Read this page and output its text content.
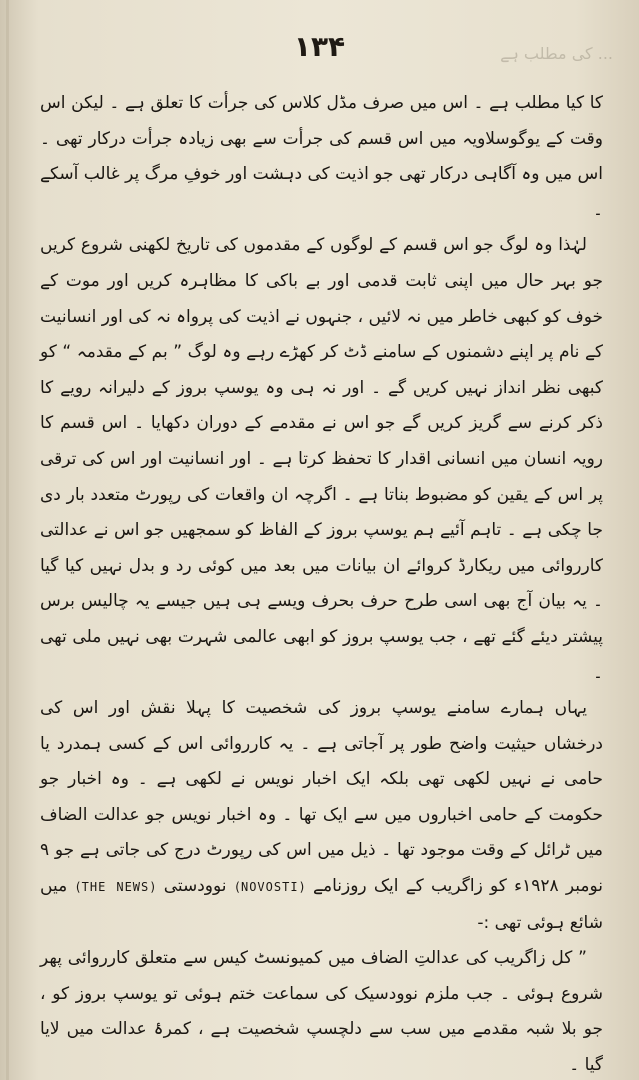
... کی مطلب ہے
۱۳۴

کا کیا مطلب ہے ۔ اس میں صرف مڈل کلاس کی جرأت کا تعلق ہے ۔ لیکن اس وقت کے یوگوسلاویہ میں اس قسم کی جرأت سے بھی زیادہ جرأت درکار تھی ۔ اس میں وہ آگاہی درکار تھی جو اذیت کی دہشت اور خوفِ مرگ پر غالب آسکے ۔

لہٰذا وہ لوگ جو اس قسم کے لوگوں کے مقدموں کی تاریخ لکھنی شروع کریں جو بہر حال میں اپنی ثابت قدمی اور بے باکی کا مظاہرہ کریں اور موت کے خوف کو کبھی خاطر میں نہ لائیں ، جنہوں نے اذیت کی پرواہ نہ کی اور انسانیت کے نام پر اپنے دشمنوں کے سامنے ڈٹ کر کھڑے رہے وہ لوگ ” بم کے مقدمہ “ کو کبھی نظر انداز نہیں کریں گے ۔ اور نہ ہی وہ یوسپ بروز کے دلیرانہ رویے کا ذکر کرنے سے گریز کریں گے جو اس نے مقدمے کے دوران دکھایا ۔ اس قسم کا رویہ انسان میں انسانی اقدار کا تحفظ کرتا ہے ۔ اور انسانیت اور اس کی ترقی پر اس کے یقین کو مضبوط بناتا ہے ۔ اگرچہ ان واقعات کی رپورٹ متعدد بار دی جا چکی ہے ۔ تاہم آئیے ہم یوسپ بروز کے الفاظ کو سمجھیں جو اس نے عدالتی کارروائی میں ریکارڈ کروائے ان بیانات میں بعد میں کوئی رد و بدل نہیں کیا گیا ۔ یہ بیان آج بھی اسی طرح حرف بحرف ویسے ہی ہیں جیسے یہ چالیس برس پیشتر دیئے گئے تھے ، جب یوسپ بروز کو ابھی عالمی شہرت بھی نہیں ملی تھی ۔

یہاں ہمارے سامنے یوسپ بروز کی شخصیت کا پہلا نقش اور اس کی درخشاں حیثیت واضح طور پر آجاتی ہے ۔ یہ کارروائی اس کے کسی ہمدرد یا حامی نے نہیں لکھی تھی بلکہ ایک اخبار نویس نے لکھی ہے ۔ وہ اخبار جو حکومت کے حامی اخباروں میں سے ایک تھا ۔ وہ اخبار نویس جو عدالت الضاف میں ٹرائل کے وقت موجود تھا ۔ ذیل میں اس کی رپورٹ درج کی جاتی ہے جو ۹ نومبر ۱۹۲۸ء کو زاگریب کے ایک روزنامے (NOVOSTI) نوودستی (THE NEWS) میں شائع ہوئی تھی :-

” کل زاگریب کی عدالتِ الضاف میں کمیونسٹ کیس سے متعلق کارروائی پھر شروع ہوئی ۔ جب ملزم نوودسیک کی سماعت ختم ہوئی تو یوسپ بروز کو ، جو بلا شبہ مقدمے میں سب سے دلچسپ شخصیت ہے ، کمرۂ عدالت میں لایا گیا ۔
